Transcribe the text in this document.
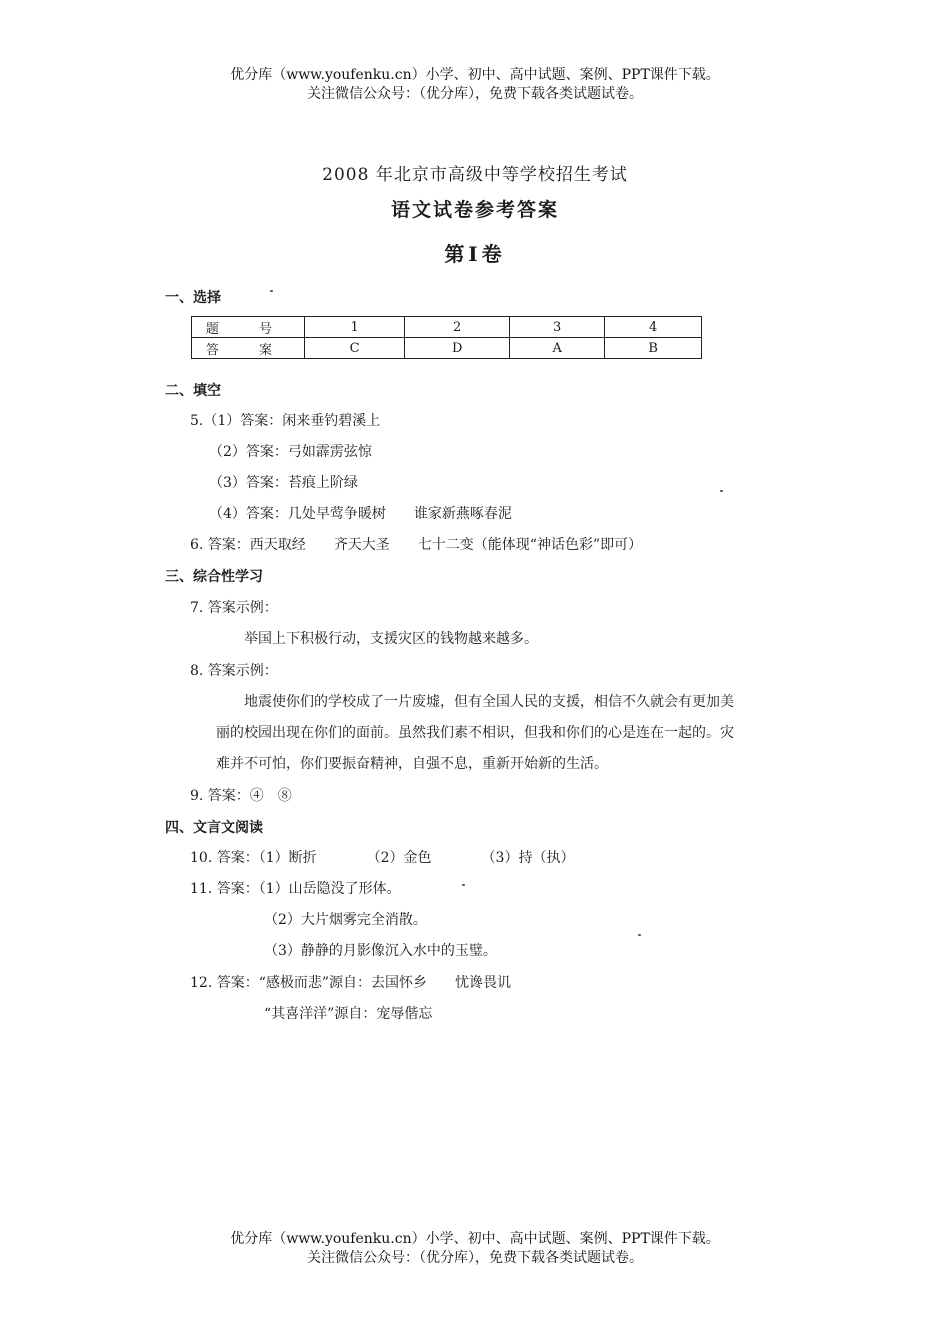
优分库（www.youfenku.cn）小学、初中、高中试题、案例、PPT课件下载。
关注微信公众号：（优分库），免费下载各类试题试卷。
2008 年北京市高级中等学校招生考试
语文试卷参考答案
第Ⅰ卷
一、选择
题 号	1	2	3	4
答 案	C	D	A	B
二、填空
5.（1）答案：闲来垂钓碧溪上
（2）答案：弓如霹雳弦惊
（3）答案：苔痕上阶绿
（4）答案：几处早莺争暖树 谁家新燕啄春泥
6. 答案：西天取经 齐天大圣 七十二变（能体现“神话色彩”即可）
三、综合性学习
7. 答案示例：
举国上下积极行动，支援灾区的钱物越来越多。
8. 答案示例：
地震使你们的学校成了一片废墟，但有全国人民的支援，相信不久就会有更加美
丽的校园出现在你们的面前。虽然我们素不相识，但我和你们的心是连在一起的。灾
难并不可怕，你们要振奋精神，自强不息，重新开始新的生活。
9. 答案：④　⑧
四、文言文阅读
10. 答案：（1）断折	（2）金色	（3）持（执）
11. 答案：（1）山岳隐没了形体。
（2）大片烟雾完全消散。
（3）静静的月影像沉入水中的玉璧。
12. 答案：“感极而悲”源自：去国怀乡 忧谗畏讥
“其喜洋洋”源自：宠辱偕忘
优分库（www.youfenku.cn）小学、初中、高中试题、案例、PPT课件下载。
关注微信公众号：（优分库），免费下载各类试题试卷。
